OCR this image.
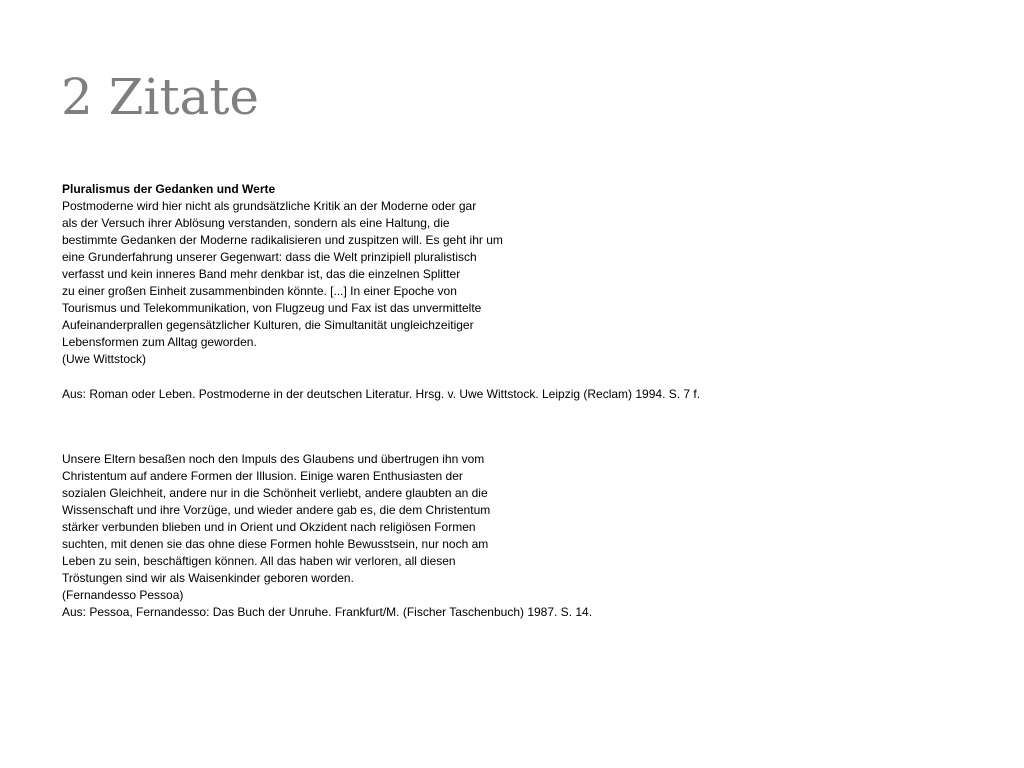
2 Zitate
Pluralismus der Gedanken und Werte
Postmoderne wird hier nicht als grundsätzliche Kritik an der Moderne oder gar
als der Versuch ihrer Ablösung verstanden, sondern als eine Haltung, die
bestimmte Gedanken der Moderne radikalisieren und zuspitzen will. Es geht ihr um
eine Grunderfahrung unserer Gegenwart: dass die Welt prinzipiell pluralistisch
verfasst und kein inneres Band mehr denkbar ist, das die einzelnen Splitter
zu einer großen Einheit zusammenbinden könnte. [...] In einer Epoche von
Tourismus und Telekommunikation, von Flugzeug und Fax ist das unvermittelte
Aufeinanderprallen gegensätzlicher Kulturen, die Simultanität ungleichzeitiger
Lebensformen zum Alltag geworden.
(Uwe Wittstock)
Aus: Roman oder Leben. Postmoderne in der deutschen Literatur. Hrsg. v. Uwe Wittstock. Leipzig (Reclam) 1994. S. 7 f.
Unsere Eltern besaßen noch den Impuls des Glaubens und übertrugen ihn vom
Christentum auf andere Formen der Illusion. Einige waren Enthusiasten der
sozialen Gleichheit, andere nur in die Schönheit verliebt, andere glaubten an die
Wissenschaft und ihre Vorzüge, und wieder andere gab es, die dem Christentum
stärker verbunden blieben und in Orient und Okzident nach religiösen Formen
suchten, mit denen sie das ohne diese Formen hohle Bewusstsein, nur noch am
Leben zu sein, beschäftigen können. All das haben wir verloren, all diesen
Tröstungen sind wir als Waisenkinder geboren worden.
(Fernandesso Pessoa)
Aus: Pessoa, Fernandesso: Das Buch der Unruhe. Frankfurt/M. (Fischer Taschenbuch) 1987. S. 14.
